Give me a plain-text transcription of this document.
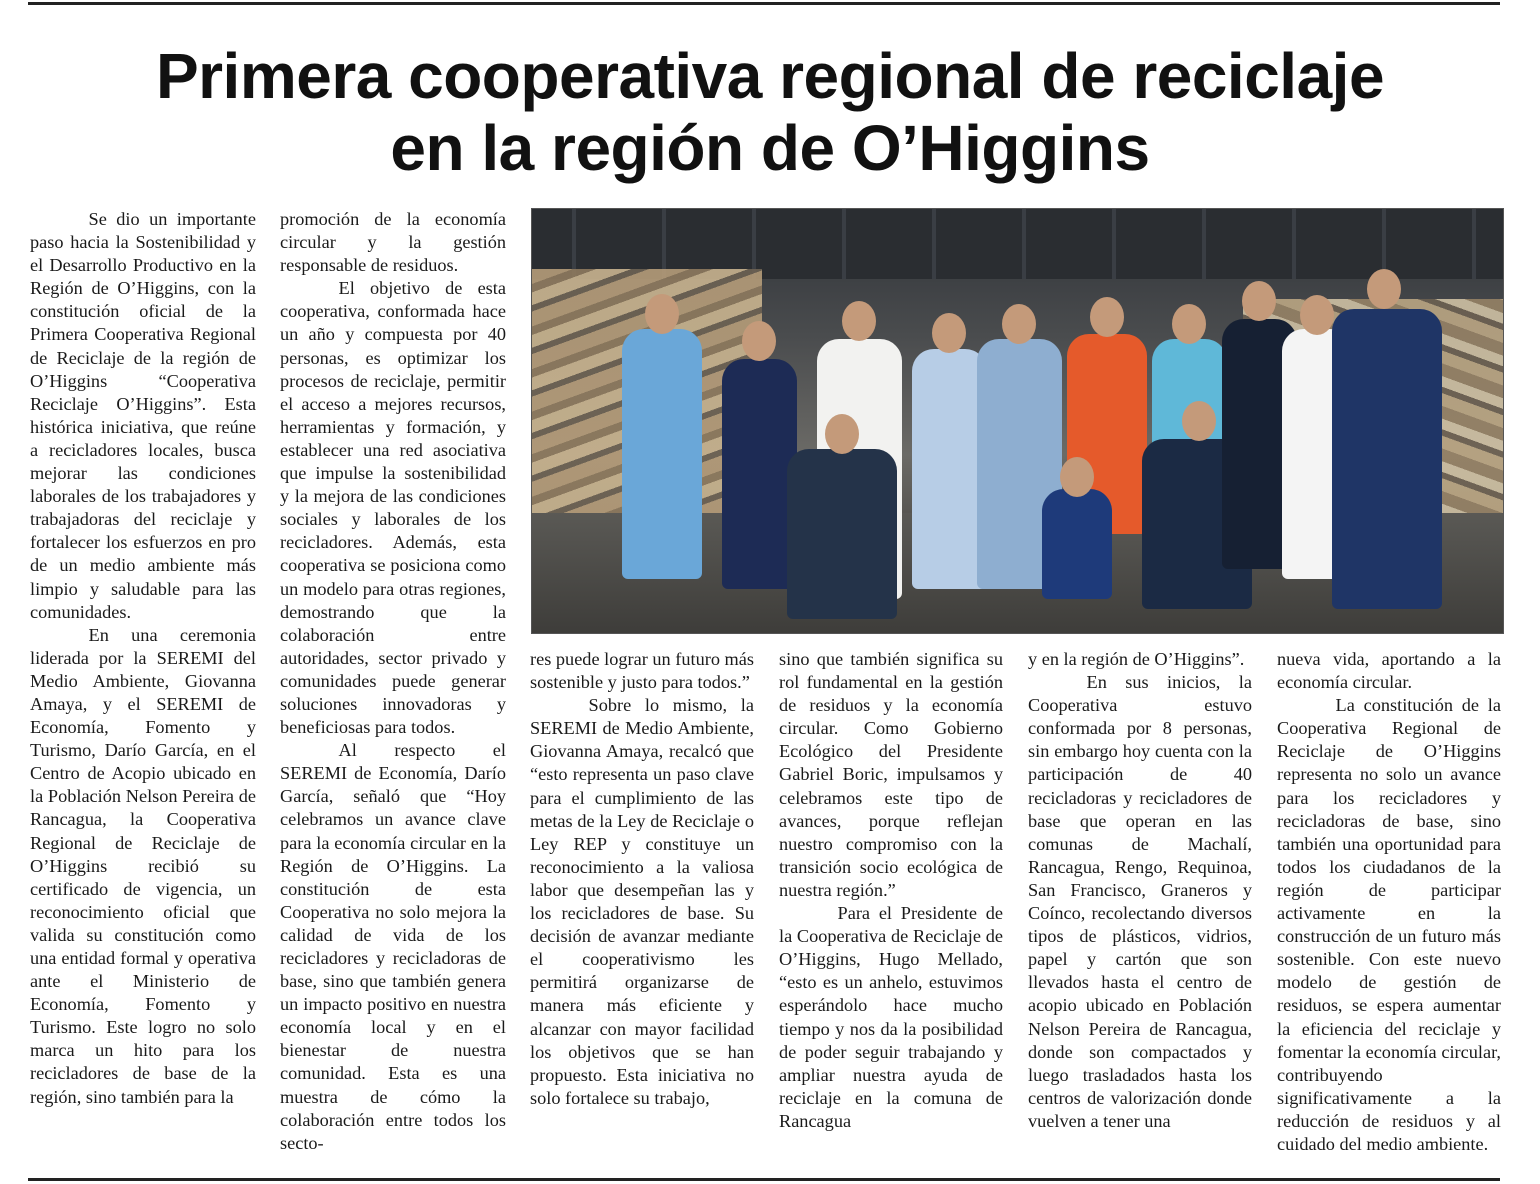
Primera cooperativa regional de reciclaje
en la región de O’Higgins

Se dio un importante paso hacia la Sostenibilidad y el Desarrollo Productivo en la Región de O’Higgins, con la constitución oficial de la Primera Cooperativa Regional de Reciclaje de la región de O’Higgins “Cooperativa Reciclaje O’Higgins”. Esta histórica iniciativa, que reúne a recicladores locales, busca mejorar las condiciones laborales de los trabajadores y trabajadoras del reciclaje y fortalecer los esfuerzos en pro de un medio ambiente más limpio y saludable para las comunidades.

En una ceremonia liderada por la SEREMI del Medio Ambiente, Giovanna Amaya, y el SEREMI de Economía, Fomento y Turismo, Darío García, en el Centro de Acopio ubicado en la Población Nelson Pereira de Rancagua, la Cooperativa Regional de Reciclaje de O’Higgins recibió su certificado de vigencia, un reconocimiento oficial que valida su constitución como una entidad formal y operativa ante el Ministerio de Economía, Fomento y Turismo. Este logro no solo marca un hito para los recicladores de base de la región, sino también para la

promoción de la economía circular y la gestión responsable de residuos.

El objetivo de esta cooperativa, conformada hace un año y compuesta por 40 personas, es optimizar los procesos de reciclaje, permitir el acceso a mejores recursos, herramientas y formación, y establecer una red asociativa que impulse la sostenibilidad y la mejora de las condiciones sociales y laborales de los recicladores. Además, esta cooperativa se posiciona como un modelo para otras regiones, demostrando que la colaboración entre autoridades, sector privado y comunidades puede generar soluciones innovadoras y beneficiosas para todos.

Al respecto el SEREMI de Economía, Darío García, señaló que “Hoy celebramos un avance clave para la economía circular en la Región de O’Higgins. La constitución de esta Cooperativa no solo mejora la calidad de vida de los recicladores y recicladoras de base, sino que también genera un impacto positivo en nuestra economía local y en el bienestar de nuestra comunidad. Esta es una muestra de cómo la colaboración entre todos los secto-

res puede lograr un futuro más sostenible y justo para todos.”

Sobre lo mismo, la SEREMI de Medio Ambiente, Giovanna Amaya, recalcó que “esto representa un paso clave para el cumplimiento de las metas de la Ley de Reciclaje o Ley REP y constituye un reconocimiento a la valiosa labor que desempeñan las y los recicladores de base. Su decisión de avanzar mediante el cooperativismo les permitirá organizarse de manera más eficiente y alcanzar con mayor facilidad los objetivos que se han propuesto. Esta iniciativa no solo fortalece su trabajo,

sino que también significa su rol fundamental en la gestión de residuos y la economía circular. Como Gobierno Ecológico del Presidente Gabriel Boric, impulsamos y celebramos este tipo de avances, porque reflejan nuestro compromiso con la transición socio ecológica de nuestra región.”

Para el Presidente de la Cooperativa de Reciclaje de O’Higgins, Hugo Mellado, “esto es un anhelo, estuvimos esperándolo hace mucho tiempo y nos da la posibilidad de poder seguir trabajando y ampliar nuestra ayuda de reciclaje en la comuna de Rancagua

y en la región de O’Higgins”.

En sus inicios, la Cooperativa estuvo conformada por 8 personas, sin embargo hoy cuenta con la participación de 40 recicladoras y recicladores de base que operan en las comunas de Machalí, Rancagua, Rengo, Requinoa, San Francisco, Graneros y Coínco, recolectando diversos tipos de plásticos, vidrios, papel y cartón que son llevados hasta el centro de acopio ubicado en Población Nelson Pereira de Rancagua, donde son compactados y luego trasladados hasta los centros de valorización donde vuelven a tener una

nueva vida, aportando a la economía circular.

La constitución de la Cooperativa Regional de Reciclaje de O’Higgins representa no solo un avance para los recicladores y recicladoras de base, sino también una oportunidad para todos los ciudadanos de la región de participar activamente en la construcción de un futuro más sostenible. Con este nuevo modelo de gestión de residuos, se espera aumentar la eficiencia del reciclaje y fomentar la economía circular, contribuyendo significativamente a la reducción de residuos y al cuidado del medio ambiente.
